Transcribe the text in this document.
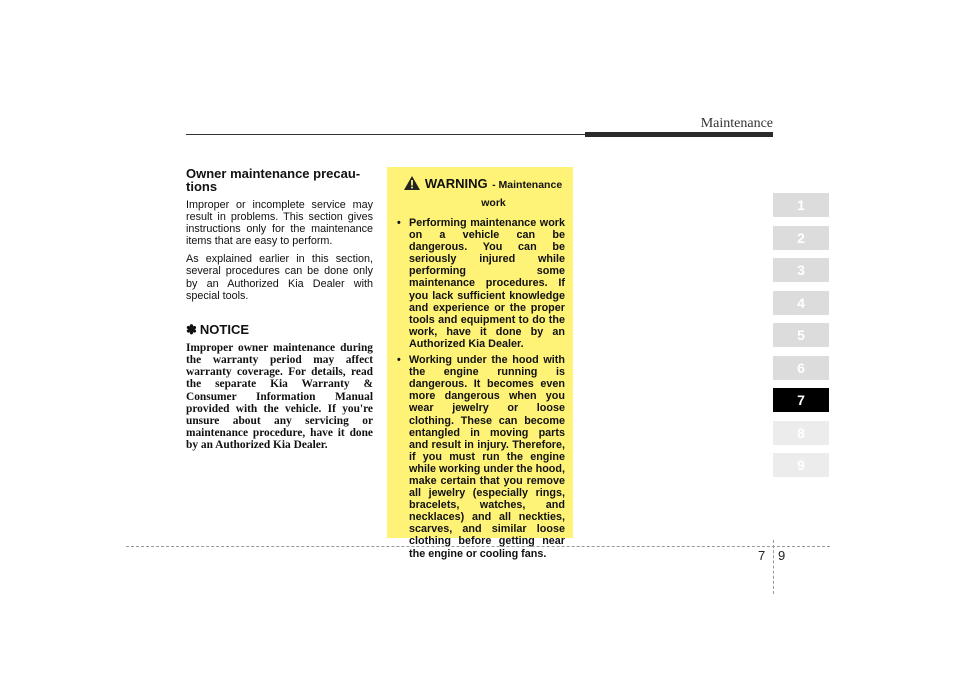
Maintenance
Owner maintenance precau-
tions

Improper or incomplete service may result in problems. This section gives instructions only for the maintenance items that are easy to perform.

As explained earlier in this section, several procedures can be done only by an Authorized Kia Dealer with special tools.

✽ NOTICE

Improper owner maintenance during the warranty period may affect warranty coverage. For details, read the separate Kia Warranty & Consumer Information Manual provided with the vehicle. If you're unsure about any servicing or maintenance procedure, have it done by an Authorized Kia Dealer.

WARNING - Maintenance
work
• Performing maintenance work on a vehicle can be dangerous. You can be seriously injured while performing some maintenance procedures. If you lack sufficient knowledge and experience or the proper tools and equipment to do the work, have it done by an Authorized Kia Dealer.
• Working under the hood with the engine running is dangerous. It becomes even more dangerous when you wear jewelry or loose clothing. These can become entangled in moving parts and result in injury. Therefore, if you must run the engine while working under the hood, make certain that you remove all jewelry (especially rings, bracelets, watches, and necklaces) and all neckties, scarves, and similar loose clothing before getting near the engine or cooling fans.
1
2
3
4
5
6
7
8
9
7 9
